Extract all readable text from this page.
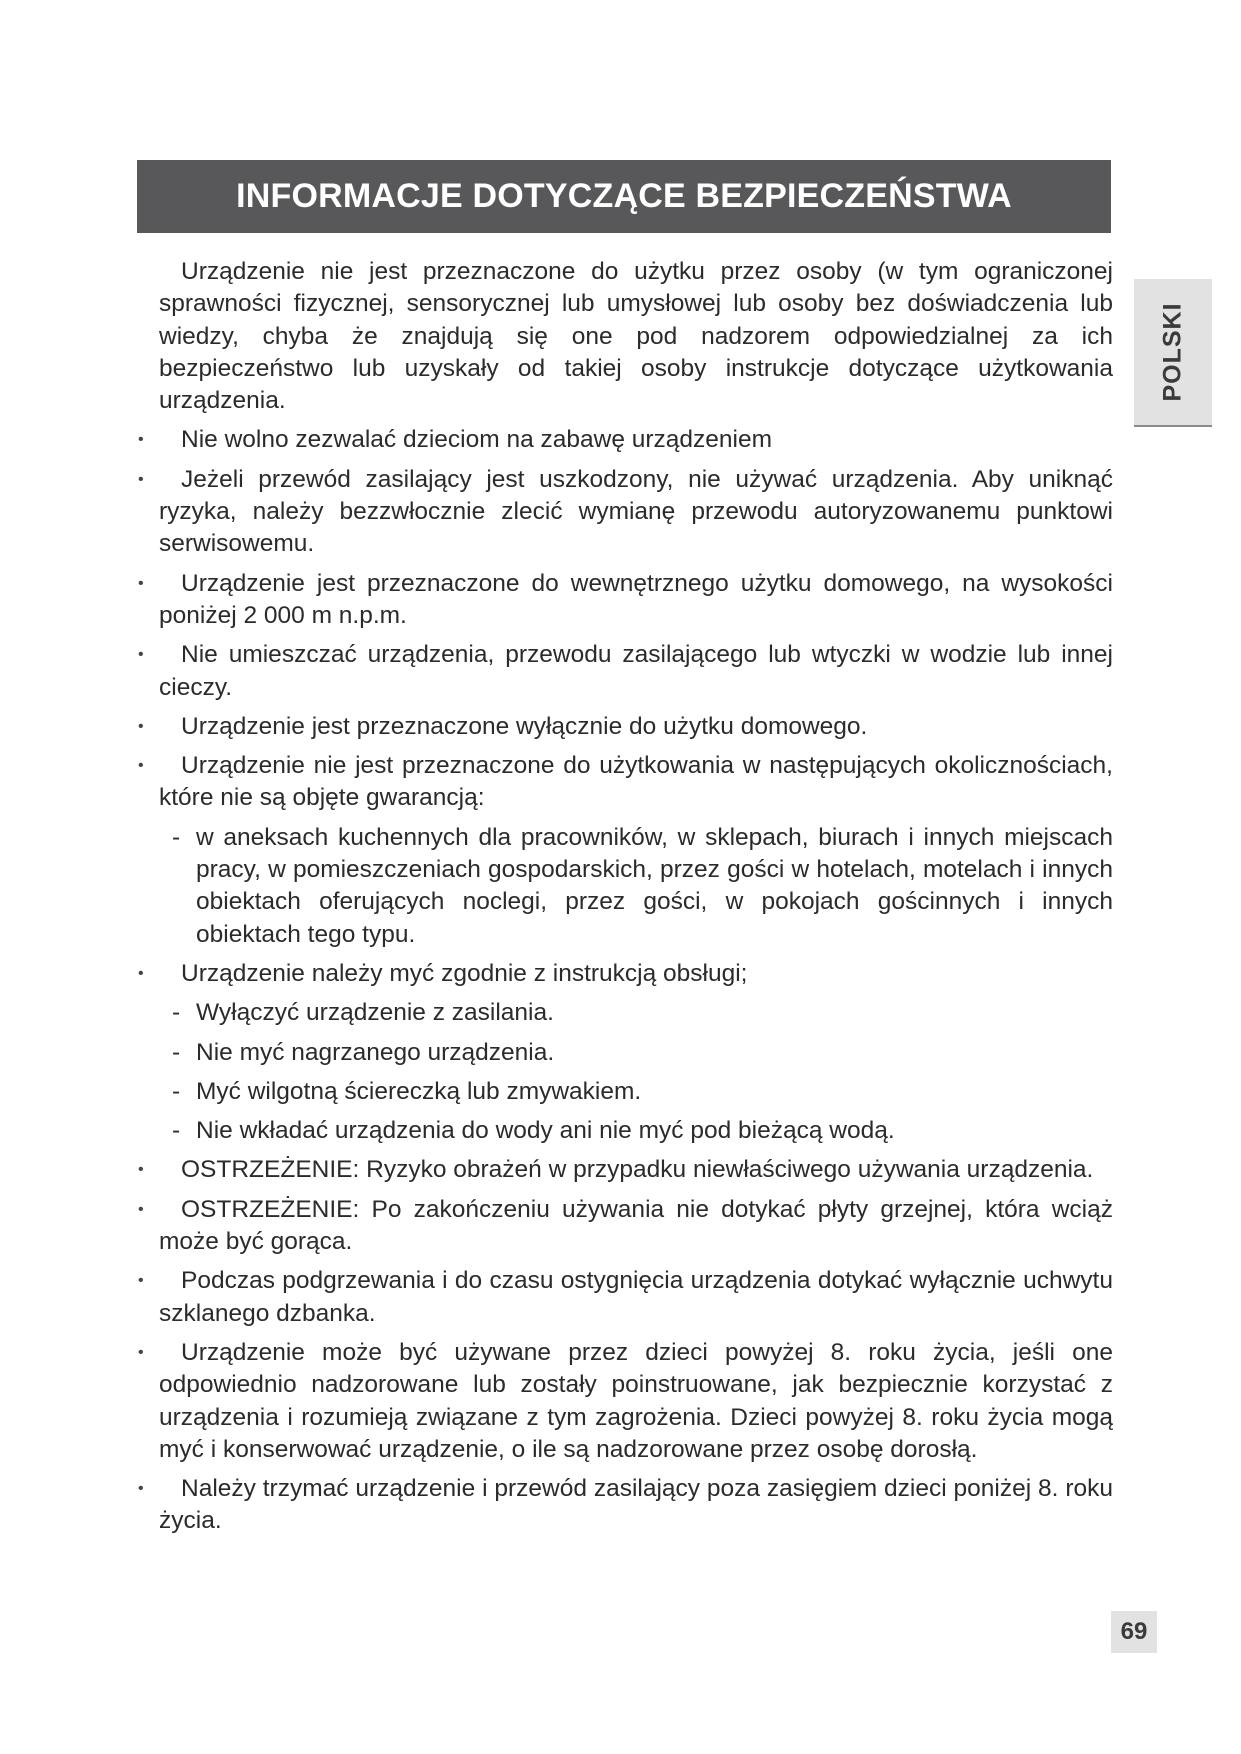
INFORMACJE DOTYCZĄCE BEZPIECZEŃSTWA
POLSKI
Urządzenie nie jest przeznaczone do użytku przez osoby (w tym ograniczonej sprawności fizycznej, sensorycznej lub umysłowej lub osoby bez doświadczenia lub wiedzy, chyba że znajdują się one pod nadzorem odpowiedzialnej za ich bezpieczeństwo lub uzyskały od takiej osoby instrukcje dotyczące użytkowania urządzenia.
• Nie wolno zezwalać dzieciom na zabawę urządzeniem
• Jeżeli przewód zasilający jest uszkodzony, nie używać urządzenia. Aby uniknąć ryzyka, należy bezzwłocznie zlecić wymianę przewodu autoryzowanemu punktowi serwisowemu.
• Urządzenie jest przeznaczone do wewnętrznego użytku domowego, na wysokości poniżej 2 000 m n.p.m.
• Nie umieszczać urządzenia, przewodu zasilającego lub wtyczki w wodzie lub innej cieczy.
• Urządzenie jest przeznaczone wyłącznie do użytku domowego.
• Urządzenie nie jest przeznaczone do użytkowania w następujących okolicznościach, które nie są objęte gwarancją:
- w aneksach kuchennych dla pracowników, w sklepach, biurach i innych miejscach pracy, w pomieszczeniach gospodarskich, przez gości w hotelach, motelach i innych obiektach oferujących noclegi, przez gości, w pokojach gościnnych i innych obiektach tego typu.
• Urządzenie należy myć zgodnie z instrukcją obsługi;
- Wyłączyć urządzenie z zasilania.
- Nie myć nagrzanego urządzenia.
- Myć wilgotną ściereczką lub zmywakiem.
- Nie wkładać urządzenia do wody ani nie myć pod bieżącą wodą.
• OSTRZEŻENIE: Ryzyko obrażeń w przypadku niewłaściwego używania urządzenia.
• OSTRZEŻENIE: Po zakończeniu używania nie dotykać płyty grzejnej, która wciąż może być gorąca.
• Podczas podgrzewania i do czasu ostygnięcia urządzenia dotykać wyłącznie uchwytu szklanego dzbanka.
• Urządzenie może być używane przez dzieci powyżej 8. roku życia, jeśli one odpowiednio nadzorowane lub zostały poinstruowane, jak bezpiecznie korzystać z urządzenia i rozumieją związane z tym zagrożenia. Dzieci powyżej 8. roku życia mogą myć i konserwować urządzenie, o ile są nadzorowane przez osobę dorosłą.
• Należy trzymać urządzenie i przewód zasilający poza zasięgiem dzieci poniżej 8. roku życia.
69
